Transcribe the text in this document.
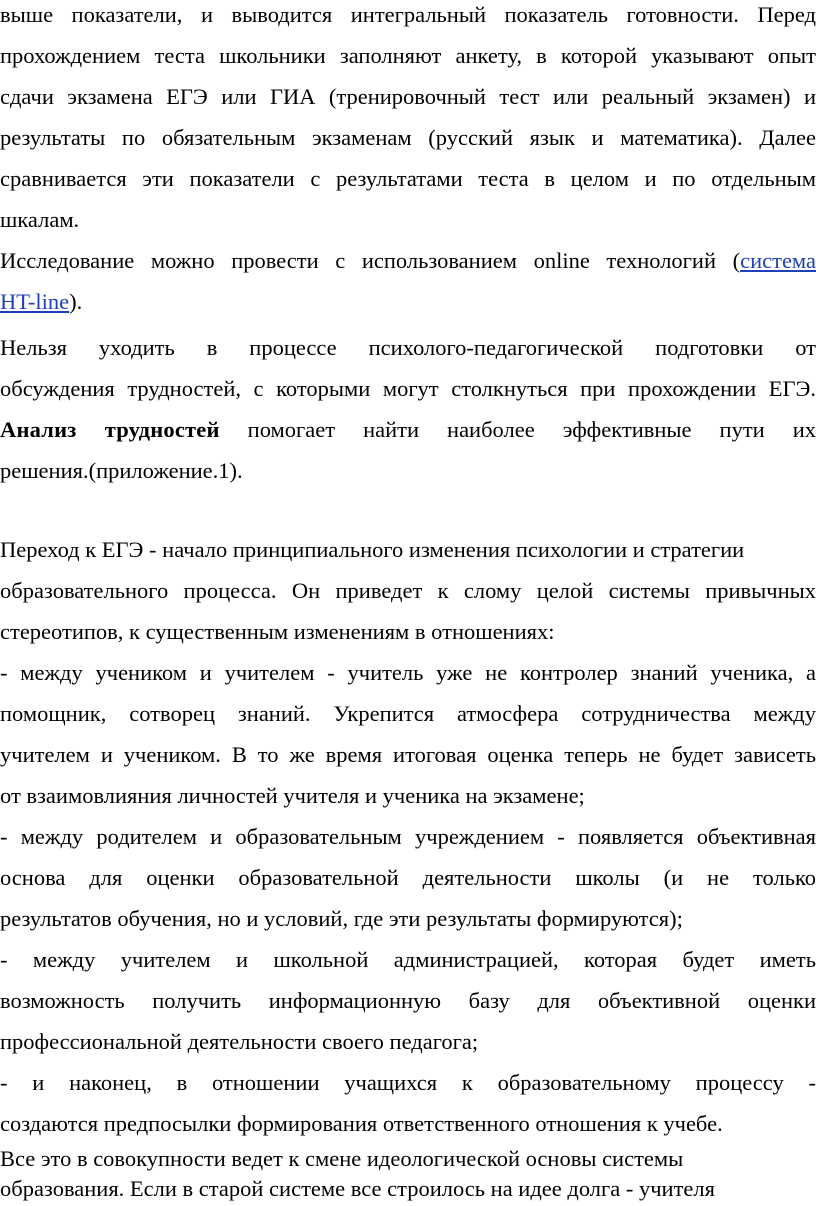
выше показатели, и выводится интегральный показатель готовности. Перед
прохождением теста школьники заполняют анкету, в которой указывают опыт
сдачи экзамена ЕГЭ или ГИА (тренировочный тест или реальный экзамен) и
результаты по обязательным экзаменам (русский язык и математика). Далее
сравнивается эти показатели с результатами теста в целом и по отдельным
шкалам.
Исследование можно провести с использованием online технологий (система
HT-line).
Нельзя уходить в процессе психолого-педагогической подготовки от
обсуждения трудностей, с которыми могут столкнуться при прохождении ЕГЭ.
Анализ трудностей помогает найти наиболее эффективные пути их
решения.(приложение.1).
Переход к ЕГЭ - начало принципиального изменения психологии и стратегии
образовательного процесса. Он приведет к слому целой системы привычных
стереотипов, к существенным изменениям в отношениях:
- между учеником и учителем - учитель уже не контролер знаний ученика, а
помощник, сотворец знаний. Укрепится атмосфера сотрудничества между
учителем и учеником. В то же время итоговая оценка теперь не будет зависеть
от взаимовлияния личностей учителя и ученика на экзамене;
- между родителем и образовательным учреждением - появляется объективная
основа для оценки образовательной деятельности школы (и не только
результатов обучения, но и условий, где эти результаты формируются);
- между учителем и школьной администрацией, которая будет иметь
возможность получить информационную базу для объективной оценки
профессиональной деятельности своего педагога;
- и наконец, в отношении учащихся к образовательному процессу -
создаются предпосылки формирования ответственного отношения к учебе.
Все это в совокупности ведет к смене идеологической основы системы
образования. Если в старой системе все строилось на идее долга - учителя
